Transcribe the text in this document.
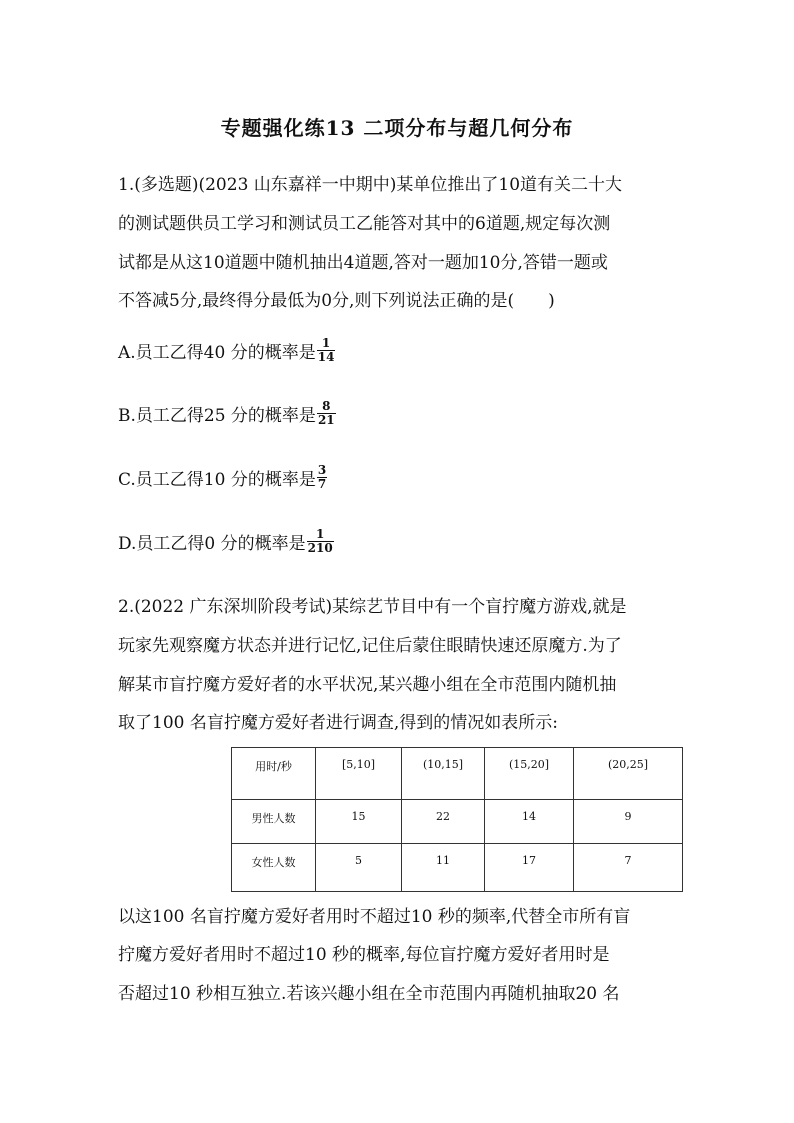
专题强化练13 二项分布与超几何分布
1.(多选题)(2023 山东嘉祥一中期中)某单位推出了10道有关二十大
的测试题供员工学习和测试员工乙能答对其中的6道题,规定每次测
试都是从这10道题中随机抽出4道题,答对一题加10分,答错一题或
不答减5分,最终得分最低为0分,则下列说法正确的是(　　)
A.员工乙得40 分的概率是 $\frac{1}{14}$
B.员工乙得25 分的概率是 $\frac{8}{21}$
C.员工乙得10 分的概率是 $\frac{3}{7}$
D.员工乙得0 分的概率是 $\frac{1}{210}$
2.(2022 广东深圳阶段考试)某综艺节目中有一个盲拧魔方游戏,就是
玩家先观察魔方状态并进行记忆,记住后蒙住眼睛快速还原魔方.为了
解某市盲拧魔方爱好者的水平状况,某兴趣小组在全市范围内随机抽
取了100 名盲拧魔方爱好者进行调查,得到的情况如表所示:
用时/秒	[5,10]	(10,15]	(15,20]	(20,25]
男性人数	15	22	14	9
女性人数	5	11	17	7
以这100 名盲拧魔方爱好者用时不超过10 秒的频率,代替全市所有盲
拧魔方爱好者用时不超过10 秒的概率,每位盲拧魔方爱好者用时是
否超过10 秒相互独立.若该兴趣小组在全市范围内再随机抽取20 名
